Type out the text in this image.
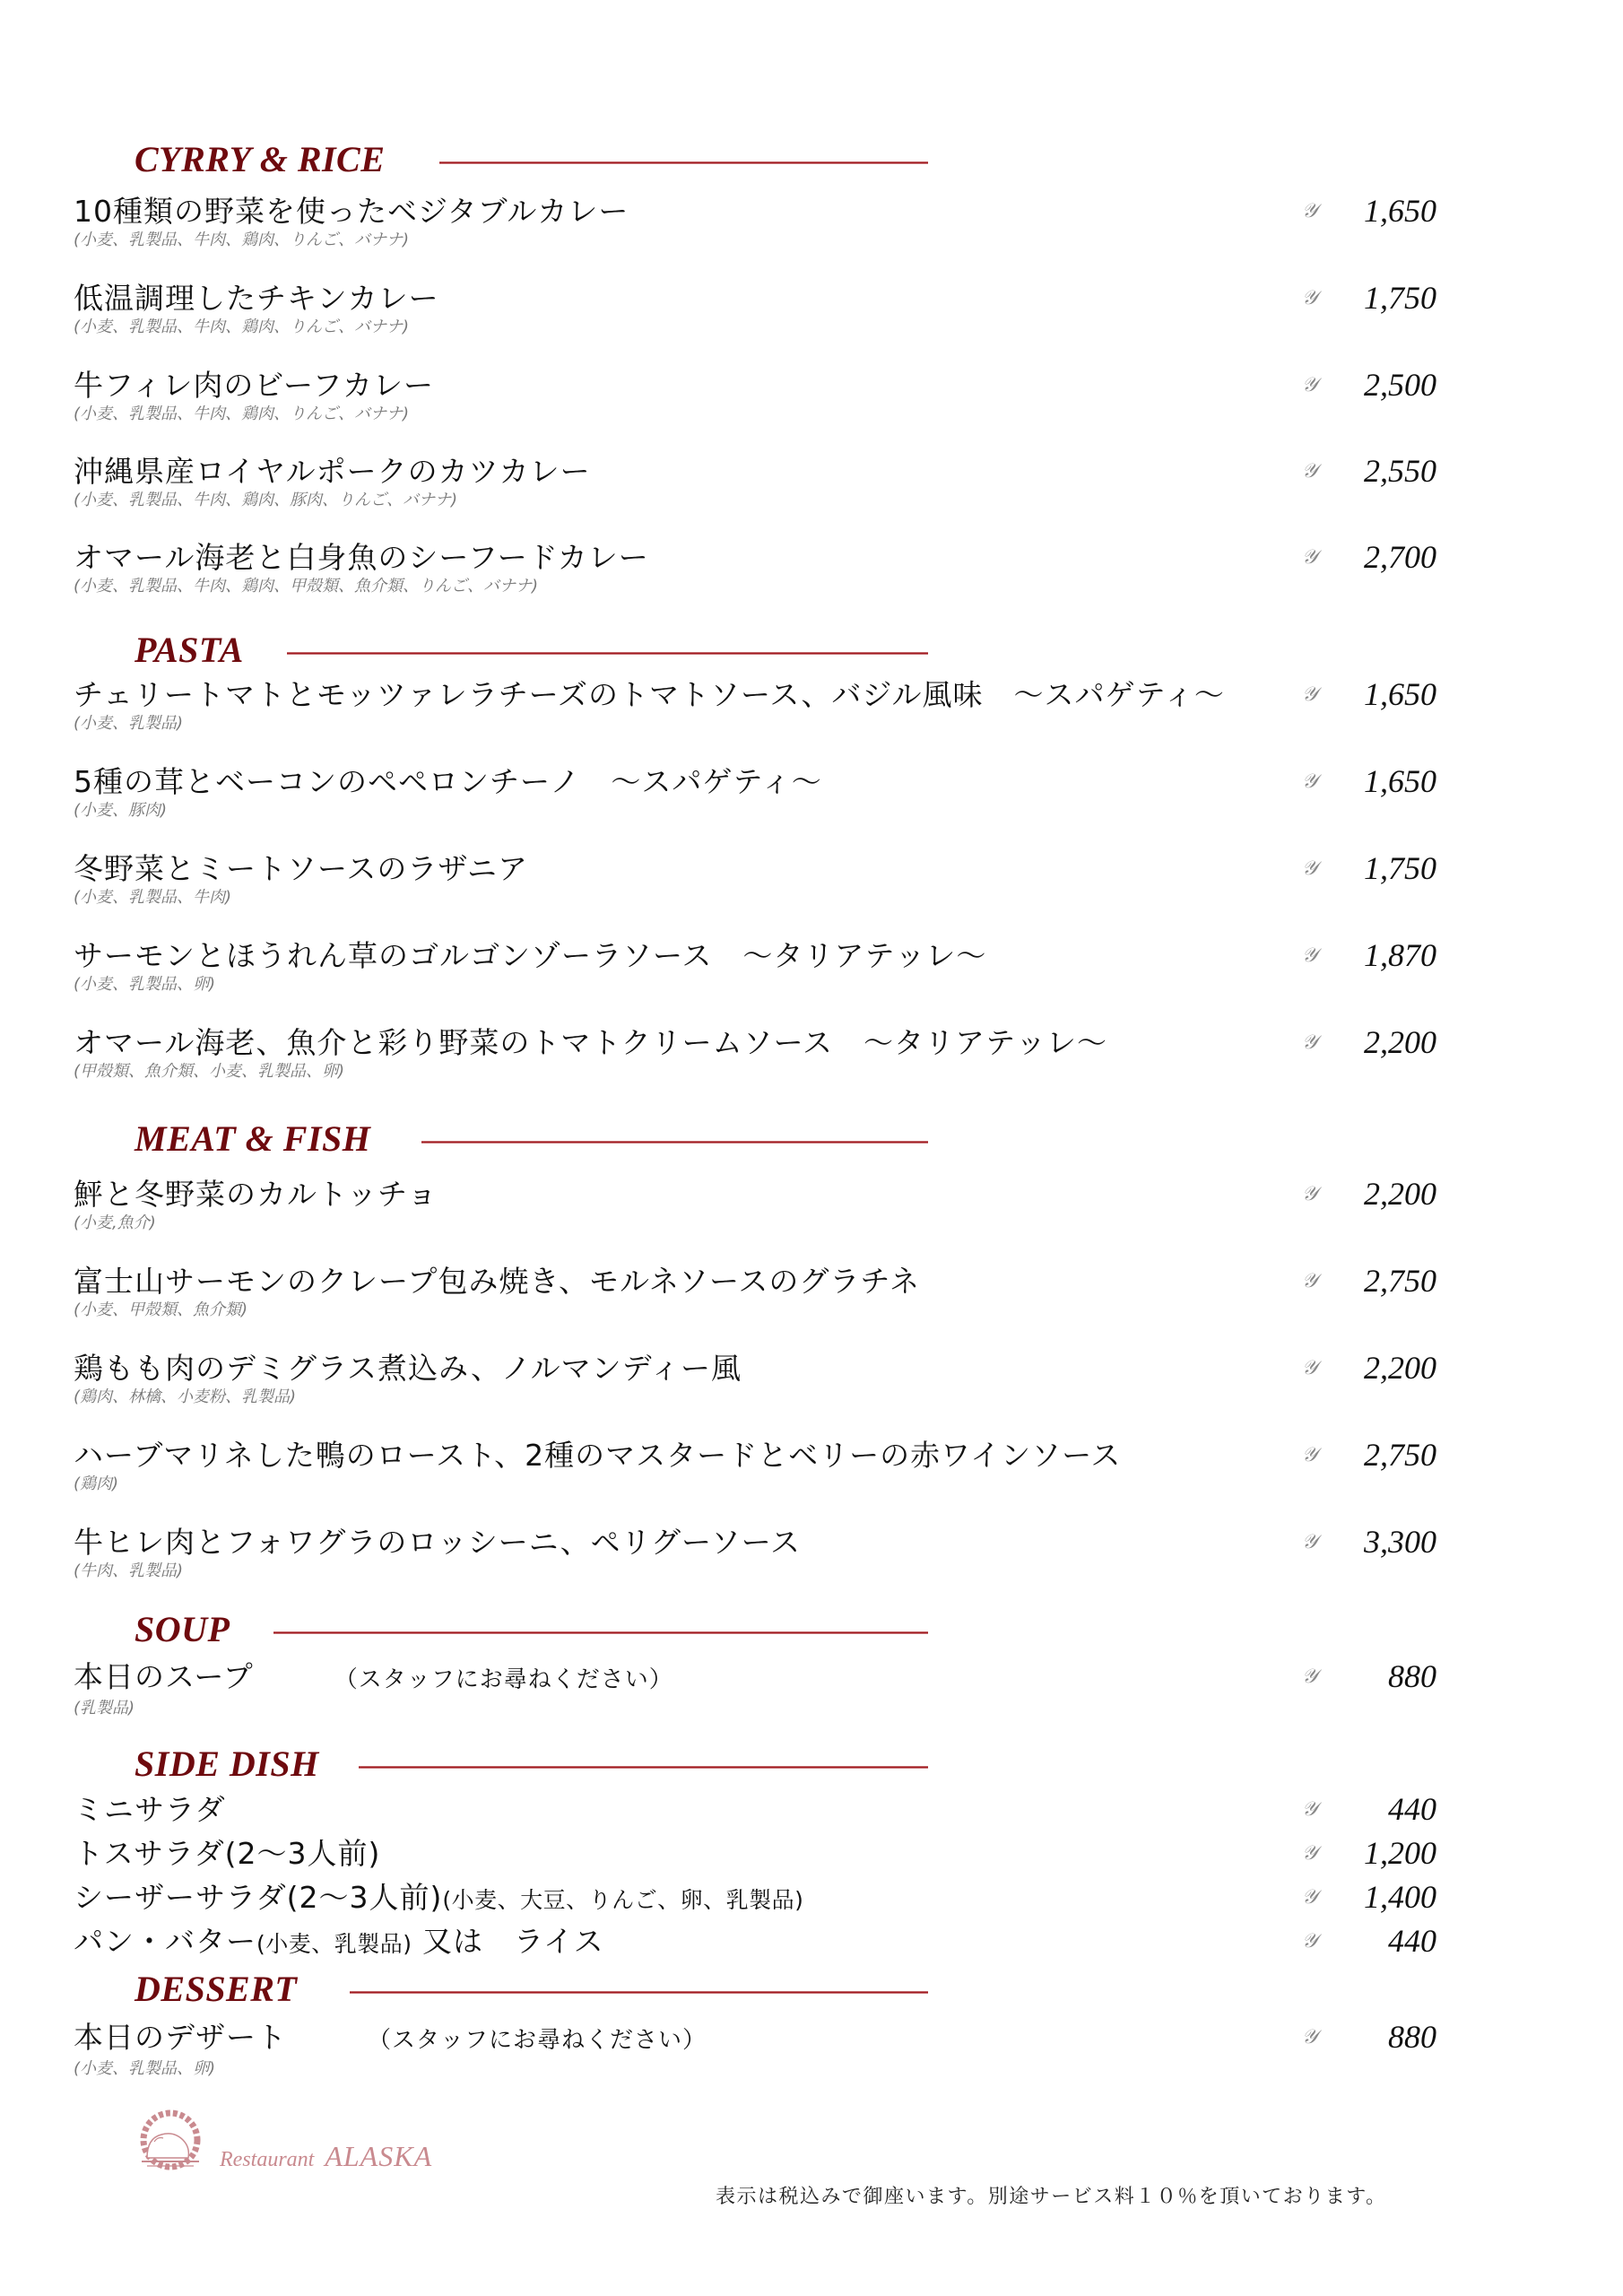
CYRRY & RICE
10種類の野菜を使ったベジタブルカレー
(小麦、乳製品、牛肉、鶏肉、りんご、バナナ)
𝒴 1,650
低温調理したチキンカレー
(小麦、乳製品、牛肉、鶏肉、りんご、バナナ)
𝒴 1,750
牛フィレ肉のビーフカレー
(小麦、乳製品、牛肉、鶏肉、りんご、バナナ)
𝒴 2,500
沖縄県産ロイヤルポークのカツカレー
(小麦、乳製品、牛肉、鶏肉、豚肉、りんご、バナナ)
𝒴 2,550
オマール海老と白身魚のシーフードカレー
(小麦、乳製品、牛肉、鶏肉、甲殻類、魚介類、りんご、バナナ)
𝒴 2,700
PASTA
チェリートマトとモッツァレラチーズのトマトソース、バジル風味　～スパゲティ～
(小麦、乳製品)
𝒴 1,650
5種の茸とベーコンのペペロンチーノ　～スパゲティ～
(小麦、豚肉)
𝒴 1,650
冬野菜とミートソースのラザニア
(小麦、乳製品、牛肉)
𝒴 1,750
サーモンとほうれん草のゴルゴンゾーラソース　～タリアテッレ～
(小麦、乳製品、卵)
𝒴 1,870
オマール海老、魚介と彩り野菜のトマトクリームソース　～タリアテッレ～
(甲殻類、魚介類、小麦、乳製品、卵)
𝒴 2,200
MEAT & FISH
鮃と冬野菜のカルトッチョ
(小麦,魚介)
𝒴 2,200
富士山サーモンのクレープ包み焼き、モルネソースのグラチネ
(小麦、甲殻類、魚介類)
𝒴 2,750
鶏もも肉のデミグラス煮込み、ノルマンディー風
(鶏肉、林檎、小麦粉、乳製品)
𝒴 2,200
ハーブマリネした鴨のロースト、2種のマスタードとベリーの赤ワインソース
(鶏肉)
𝒴 2,750
牛ヒレ肉とフォワグラのロッシーニ、ペリグーソース
(牛肉、乳製品)
𝒴 3,300
SOUP
本日のスープ	（スタッフにお尋ねください）
(乳製品)
𝒴 880
SIDE DISH
ミニサラダ	𝒴 440
トスサラダ(2～3人前)	𝒴 1,200
シーザーサラダ(2～3人前)(小麦、大豆、りんご、卵、乳製品)	𝒴 1,400
パン・バター(小麦、乳製品) 又は　ライス	𝒴 440
DESSERT
本日のデザート	（スタッフにお尋ねください）
(小麦、乳製品、卵)
𝒴 880
Restaurant ALASKA
表示は税込みで御座います。別途サービス料１０％を頂いております。
